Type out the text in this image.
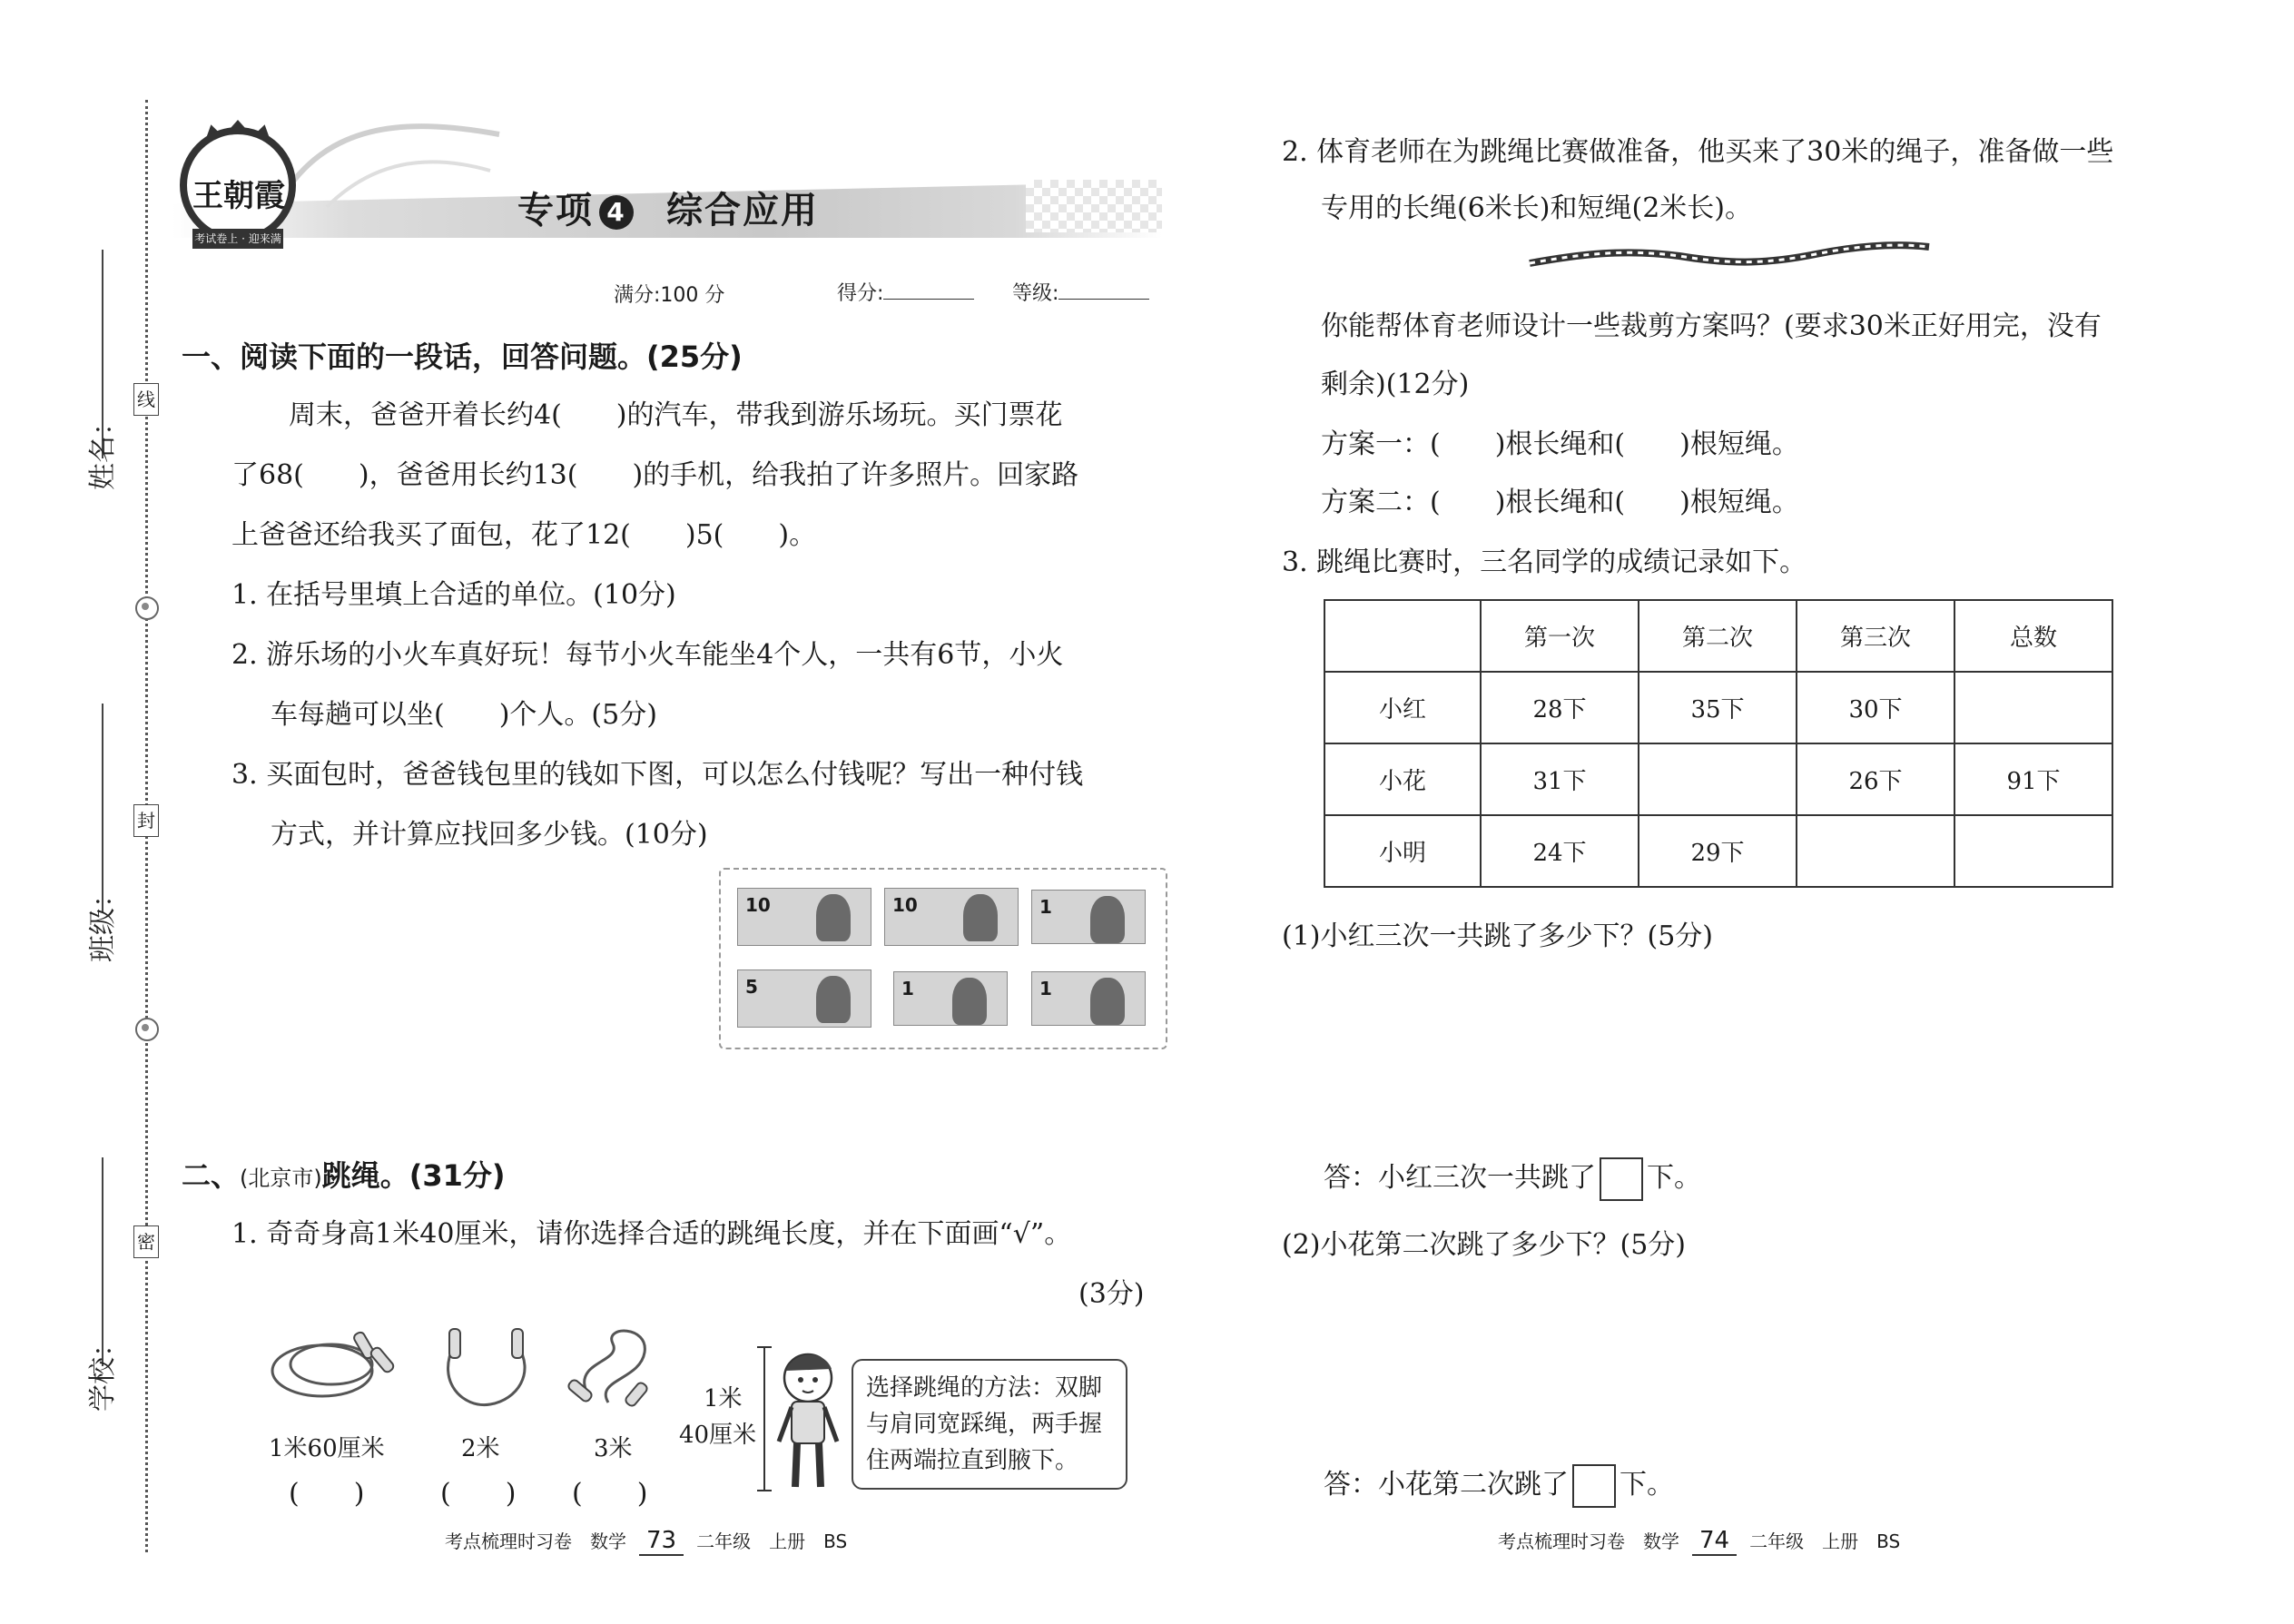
姓名：
班级：
学校：
线
封
密
王朝霞
考试卷上 · 迎来满天
专项 4 综合应用
满分:100 分	得分:	等级:
一、阅读下面的一段话，回答问题。(25分)
周末，爸爸开着长约4(　　)的汽车，带我到游乐场玩。买门票花
了68(　　)，爸爸用长约13(　　)的手机，给我拍了许多照片。回家路
上爸爸还给我买了面包，花了12(　　)5(　　)。
1. 在括号里填上合适的单位。(10分)
2. 游乐场的小火车真好玩！每节小火车能坐4个人，一共有6节，小火
车每趟可以坐(　　)个人。(5分)
3. 买面包时，爸爸钱包里的钱如下图，可以怎么付钱呢？写出一种付钱
方式，并计算应找回多少钱。(10分)
10	10	1
5	1	1
二、(北京市)跳绳。(31分)
1. 奇奇身高1米40厘米，请你选择合适的跳绳长度，并在下面画“√”。
(3分)
1米60厘米	2米	3米
(　　)	(　　) (　　)
1米
40厘米
选择跳绳的方法：双脚与肩同宽踩绳，两手握住两端拉直到腋下。
考点梳理时习卷　数学 73 二年级　上册　BS
2. 体育老师在为跳绳比赛做准备，他买来了30米的绳子，准备做一些
专用的长绳(6米长)和短绳(2米长)。
你能帮体育老师设计一些裁剪方案吗？(要求30米正好用完，没有
剩余)(12分)
方案一：(　　)根长绳和(　　)根短绳。
方案二：(　　)根长绳和(　　)根短绳。
3. 跳绳比赛时，三名同学的成绩记录如下。
	第一次	第二次	第三次	总数
小红	28下	35下	30下	
小花	31下		26下	91下
小明	24下	29下		
(1)小红三次一共跳了多少下？(5分)
答：小红三次一共跳了 下。
(2)小花第二次跳了多少下？(5分)
答：小花第二次跳了 下。
考点梳理时习卷　数学 74 二年级　上册　BS
